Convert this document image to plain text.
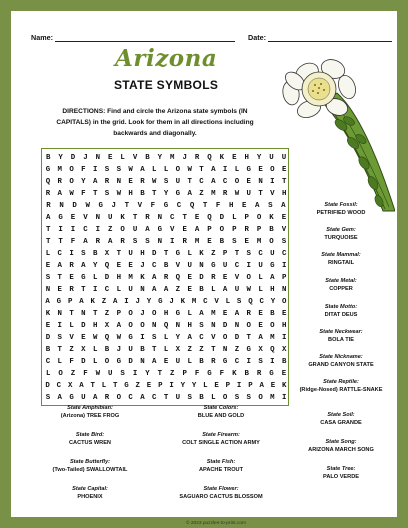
Name:	Date:
Arizona
STATE SYMBOLS
DIRECTIONS: Find and circle the Arizona state symbols (IN CAPITALS) in the grid. Look for them in all directions including backwards and diagonally.
B	Y	D	J	N	E	L	V	B	Y	M	J	R	Q	K	E	H	Y	U	U
G M O F I S S W A L L O W T A I L G E O E
Q R O Y A R N E R W S U T C A C O E N I T
R A W F T S W H B T Y G A Z M R W U T V H
R	N	D	W	G	J	T	V	F	G	C	Q	T	F	H	E	A	S	A
A	G	E	V	N	U	K	T	R	N	C	T	E	Q	D	L	P	O	K	E
T	I	I	C	I	Z	O	U	A	G	V	E	A	P	O	P	R	P	B	V
T	T	F	A	R	A	R	S	S	N	I	R	M	E	B	S	E	M	O	S
L C I S B X T U H D T G L K Z P T S C U C
E A R A Y Q E E J C B V U N G U C I U G I
S T E G L D H M K A R Q E D R E V O L A P
N E R T I C L U N A A Z E B L A U W L H N
A G P A K Z A I J Y G J K M C V L S Q C Y O
K N T N T Z P O J O H G L A M E A R E B E
E I L D H X A O O N Q N H S N D N O E O H
D S V E W Q W G I S L Y A C V O D T A M I
B T Z X L B J U B T L X Z Z T N Z G X Q X
C L F D L O G D N A E U L B R G C I S I B
L	O	Z	F	W	U	S	I	Y	T	Z	P	F	G	F	K	B	R	G	E
D C X A T L T G Z E P I Y Y L E P I P A E K
S A G U A R O C A C T U S B L O S S O M I
State Fossil:
PETRIFIED WOOD
State Gem:
TURQUOISE
State Mammal:
RINGTAIL
State Metal:
COPPER
State Motto:
DITAT DEUS
State Neckwear:
BOLA TIE
State Nickname:
GRAND CANYON STATE
State Reptile:
(Ridge-Nosed) RATTLE-SNAKE
State Soil:
CASA GRANDE
State Song:
ARIZONA MARCH SONG
State Tree:
PALO VERDE
State Amphibian:
(Arizona) TREE FROG
State Bird:
CACTUS WREN
State Butterfly:
(Two-Tailed) SWALLOWTAIL
State Capital:
PHOENIX
State Colors:
BLUE AND GOLD
State Firearm:
COLT SINGLE ACTION ARMY
State Fish:
APACHE TROUT
State Flower:
SAGUARO CACTUS BLOSSOM
© 2023 puzzles-to-print.com
